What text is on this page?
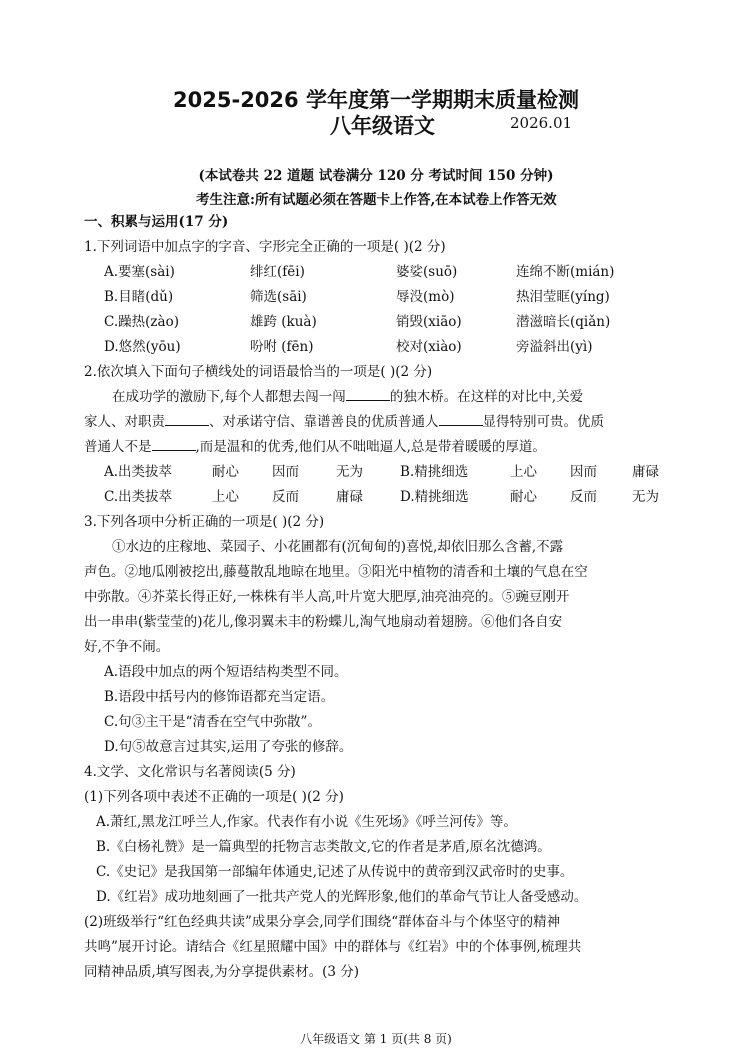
2025-2026 学年度第一学期期末质量检测
八年级语文	2026.01
(本试卷共 22 道题 试卷满分 120 分 考试时间 150 分钟)
考生注意:所有试题必须在答题卡上作答,在本试卷上作答无效
一、积累与运用(17 分)
1.下列词语中加点字的字音、字形完全正确的一项是( )(2 分)
A.要塞(sài)	绯红(fēi)	婆娑(suō)	连绵不断(mián)
B.目睹(dǔ)	筛选(sāi)	辱没(mò)	热泪莹眶(yíng)
C.躁热(zào)	雄跨 (kuà)	销毁(xiāo)	潜滋暗长(qiǎn)
D.悠然(yōu)	吩咐 (fēn)	校对(xiào)	旁溢斜出(yì)
2.依次填入下面句子横线处的词语最恰当的一项是( )(2 分)
在成功学的激励下,每个人都想去闯一闯	的独木桥。在这样的对比中,关爱
家人、对职责	、对承诺守信、靠谱善良的优质普通人	显得特别可贵。优质
普通人不是	,而是温和的优秀,他们从不咄咄逼人,总是带着暖暖的厚道。
A.出类拔萃	耐心 因而	无为	B.精挑细选	上心 因而	庸碌
C.出类拔萃	上心 反而	庸碌	D.精挑细选	耐心 反而	无为
3.下列各项中分析正确的一项是( )(2 分)
①水边的庄稼地、菜园子、小花圃都有(沉甸甸的)喜悦,却依旧那么含蓄,不露
声色。②地瓜刚被挖出,藤蔓散乱地晾在地里。③阳光中植物的清香和土壤的气息在空
中弥散。④芥菜长得正好,一株株有半人高,叶片宽大肥厚,油亮油亮的。⑤豌豆刚开
出一串串(紫莹莹的)花儿,像羽翼未丰的粉蝶儿,淘气地扇动着翅膀。⑥他们各自安
好,不争不闹。
A.语段中加点的两个短语结构类型不同。
B.语段中括号内的修饰语都充当定语。
C.句③主干是“清香在空气中弥散”。
D.句⑤故意言过其实,运用了夸张的修辞。
4.文学、文化常识与名著阅读(5 分)
(1)下列各项中表述不正确的一项是( )(2 分)
A.萧红,黑龙江呼兰人,作家。代表作有小说《生死场》《呼兰河传》等。
B.《白杨礼赞》是一篇典型的托物言志类散文,它的作者是茅盾,原名沈德鸿。
C.《史记》是我国第一部编年体通史,记述了从传说中的黄帝到汉武帝时的史事。
D.《红岩》成功地刻画了一批共产党人的光辉形象,他们的革命气节让人备受感动。
(2)班级举行“红色经典共读”成果分享会,同学们围绕“群体奋斗与个体坚守的精神
共鸣”展开讨论。请结合《红星照耀中国》中的群体与《红岩》中的个体事例,梳理共
同精神品质,填写图表,为分享提供素材。(3 分)
八年级语文 第 1 页(共 8 页)
